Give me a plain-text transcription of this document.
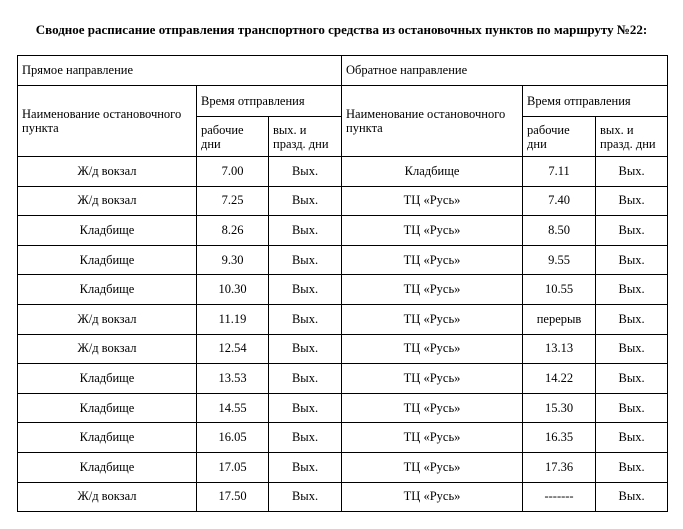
Сводное расписание отправления транспортного средства из остановочных пунктов по маршруту №22:
Прямое направление			Обратное направление		
Наименование остановочного пункта	Время отправления		Наименование остановочного пункта	Время отправления	
	рабочие дни	вых. и празд. дни		рабочие дни	вых. и празд. дни
Ж/д вокзал	7.00	Вых.	Кладбище	7.11	Вых.
Ж/д вокзал	7.25	Вых.	ТЦ «Русь»	7.40	Вых.
Кладбище	8.26	Вых.	ТЦ «Русь»	8.50	Вых.
Кладбище	9.30	Вых.	ТЦ «Русь»	9.55	Вых.
Кладбище	10.30	Вых.	ТЦ «Русь»	10.55	Вых.
Ж/д вокзал	11.19	Вых.	ТЦ «Русь»	перерыв	Вых.
Ж/д вокзал	12.54	Вых.	ТЦ «Русь»	13.13	Вых.
Кладбище	13.53	Вых.	ТЦ «Русь»	14.22	Вых.
Кладбище	14.55	Вых.	ТЦ «Русь»	15.30	Вых.
Кладбище	16.05	Вых.	ТЦ «Русь»	16.35	Вых.
Кладбище	17.05	Вых.	ТЦ «Русь»	17.36	Вых.
Ж/д вокзал	17.50	Вых.	ТЦ «Русь»	-------	Вых.
